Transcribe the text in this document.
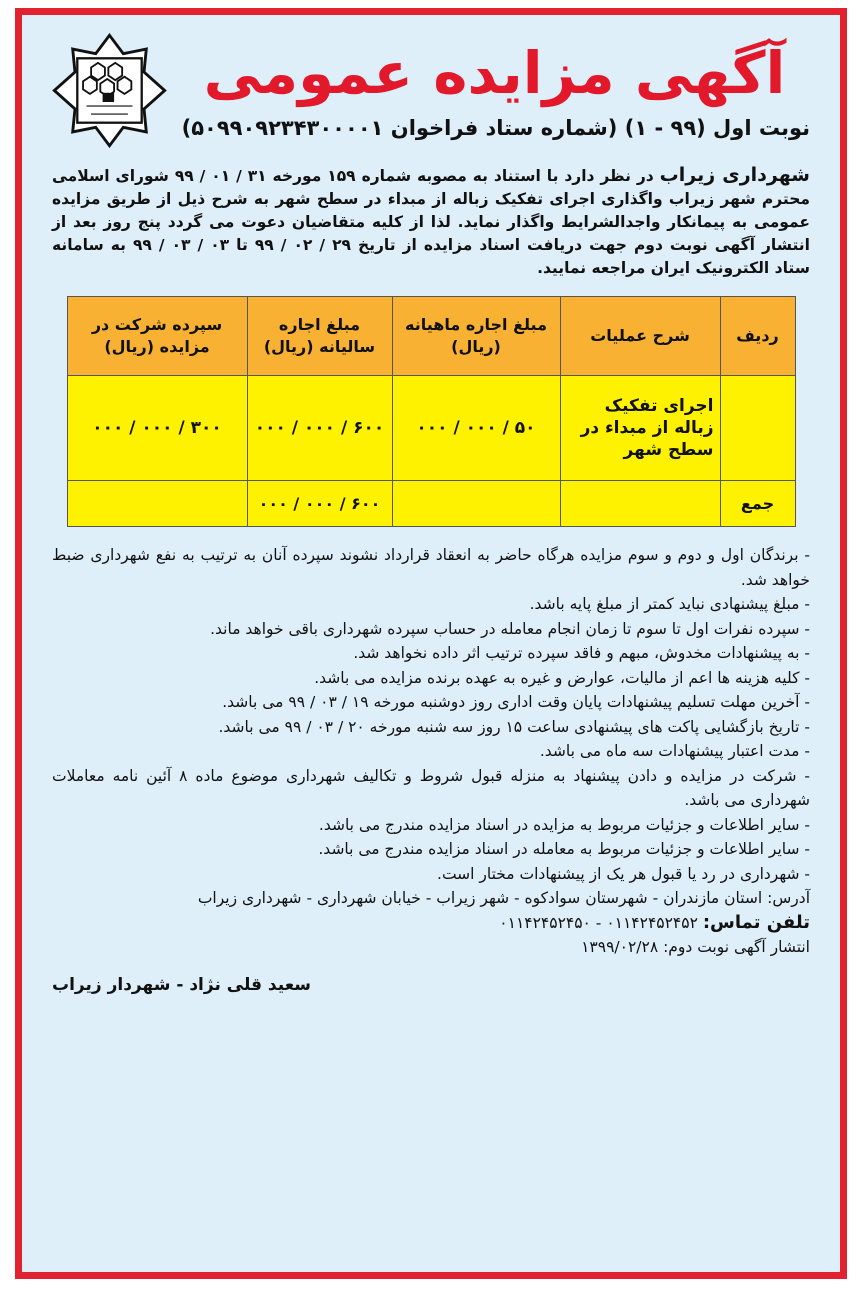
آگهی مزایده عمومی
نوبت اول (۹۹ - ۱) (شماره ستاد فراخوان ۵۰۹۹۰۹۲۳۴۳۰۰۰۰۱)
شهرداری زیراب در نظر دارد با استناد به مصوبه شماره ۱۵۹ مورخه ۳۱ / ۰۱ / ۹۹ شورای اسلامی محترم شهر زیراب واگذاری اجرای تفکیک زباله از مبداء در سطح شهر به شرح ذیل از طریق مزایده عمومی به پیمانکار واجدالشرایط واگذار نماید. لذا از کلیه متقاضیان دعوت می گردد پنج روز بعد از انتشار آگهی نوبت دوم جهت دریافت اسناد مزایده از تاریخ ۲۹ / ۰۲ / ۹۹ تا ۰۳ / ۰۳ / ۹۹ به سامانه ستاد الکترونیک ایران مراجعه نمایید.
ردیف	شرح عملیات	مبلغ اجاره ماهیانه (ریال)	مبلغ اجاره سالیانه (ریال)	سپرده شرکت در مزایده (ریال)
	اجرای تفکیک زباله از مبداء در سطح شهر	۵۰ / ۰۰۰ / ۰۰۰	۶۰۰ / ۰۰۰ / ۰۰۰	۳۰۰ / ۰۰۰ / ۰۰۰
جمع			۶۰۰ / ۰۰۰ / ۰۰۰	

- برندگان اول و دوم و سوم مزایده هرگاه حاضر به انعقاد قرارداد نشوند سپرده آنان به ترتیب به نفع شهرداری ضبط خواهد شد.

- مبلغ پیشنهادی نباید کمتر از مبلغ پایه باشد.

- سپرده نفرات اول تا سوم تا زمان انجام معامله در حساب سپرده شهرداری باقی خواهد ماند.

- به پیشنهادات مخدوش، مبهم و فاقد سپرده ترتیب اثر داده نخواهد شد.

- کلیه هزینه ها اعم از مالیات، عوارض و غیره به عهده برنده مزایده می باشد.

- آخرین مهلت تسلیم پیشنهادات پایان وقت اداری روز دوشنبه مورخه ۱۹ / ۰۳ / ۹۹ می باشد.

- تاریخ بازگشایی پاکت های پیشنهادی ساعت ۱۵ روز سه شنبه مورخه ۲۰ / ۰۳ / ۹۹ می باشد.

- مدت اعتبار پیشنهادات سه ماه می باشد.

- شرکت در مزایده و دادن پیشنهاد به منزله قبول شروط و تکالیف شهرداری موضوع ماده ۸ آئین نامه معاملات شهرداری می باشد.

- سایر اطلاعات و جزئیات مربوط به مزایده در اسناد مزایده مندرج می باشد.

- سایر اطلاعات و جزئیات مربوط به معامله در اسناد مزایده مندرج می باشد.

- شهرداری در رد یا قبول هر یک از پیشنهادات مختار است.

آدرس: استان مازندران - شهرستان سوادکوه - شهر زیراب - خیابان شهرداری - شهرداری زیراب

تلفن تماس: ۰۱۱۴۲۴۵۲۴۵۲ - ۰۱۱۴۲۴۵۲۴۵۰

انتشار آگهی نوبت دوم: ۱۳۹۹/۰۲/۲۸

سعید قلی نژاد - شهردار زیراب
